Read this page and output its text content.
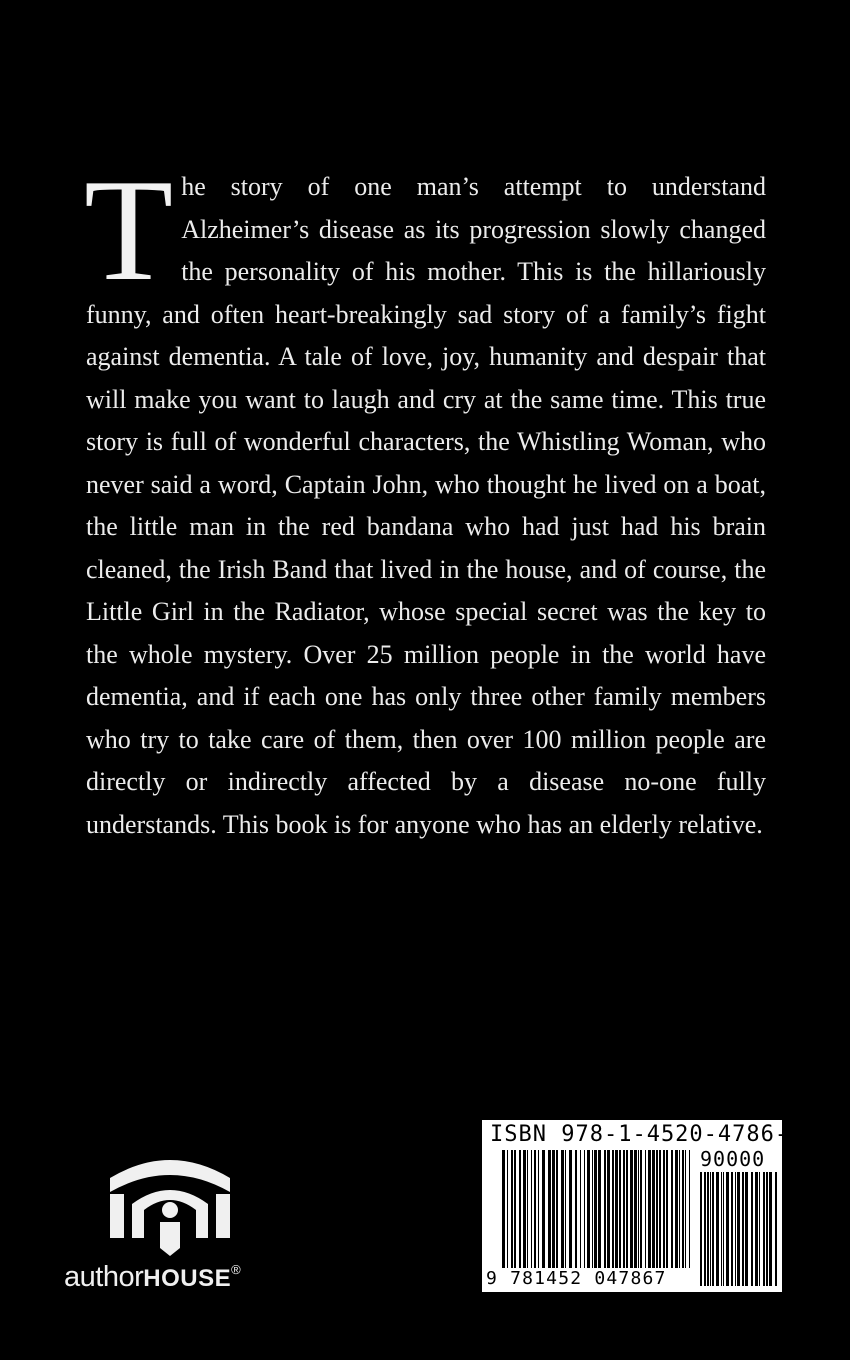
The story of one man’s attempt to understand Alzheimer’s disease as its progression slowly changed the personality of his mother. This is the hillariously funny, and often heart-breakingly sad story of a family’s fight against dementia. A tale of love, joy, humanity and despair that will make you want to laugh and cry at the same time. This true story is full of wonderful characters, the Whistling Woman, who never said a word, Captain John, who thought he lived on a boat, the little man in the red bandana who had just had his brain cleaned, the Irish Band that lived in the house, and of course, the Little Girl in the Radiator, whose special secret was the key to the whole mystery. Over 25 million people in the world have dementia, and if each one has only three other family members who try to take care of them, then over 100 million people are directly or indirectly affected by a disease no-one fully understands. This book is for anyone who has an elderly relative.

authorHOUSE®
ISBN 978-1-4520-4786-7
90000
9 781452 047867
